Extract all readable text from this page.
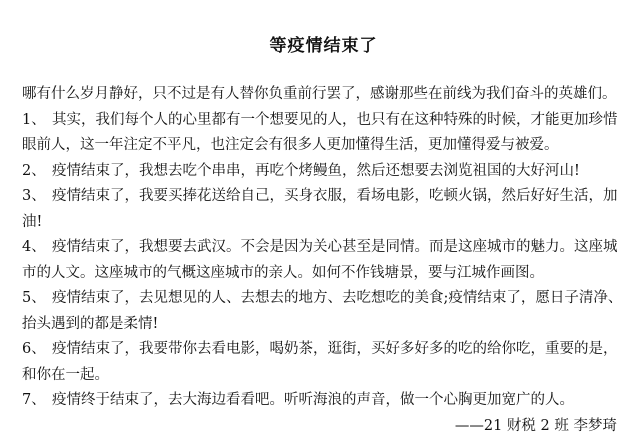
等疫情结束了

哪有什么岁月静好，只不过是有人替你负重前行罢了，感谢那些在前线为我们奋斗的英雄们。

1、 其实，我们每个人的心里都有一个想要见的人，也只有在这种特殊的时候，才能更加珍惜眼前人，这一年注定不平凡，也注定会有很多人更加懂得生活，更加懂得爱与被爱。

2、 疫情结束了，我想去吃个串串，再吃个烤鳗鱼，然后还想要去浏览祖国的大好河山!

3、 疫情结束了，我要买捧花送给自己，买身衣服，看场电影，吃顿火锅，然后好好生活，加油!

4、 疫情结束了，我想要去武汉。不会是因为关心甚至是同情。而是这座城市的魅力。这座城市的人文。这座城市的气概这座城市的亲人。如何不作钱塘景，要与江城作画图。

5、 疫情结束了，去见想见的人、去想去的地方、去吃想吃的美食;疫情结束了，愿日子清净、抬头遇到的都是柔情!

6、 疫情结束了，我要带你去看电影，喝奶茶，逛街，买好多好多的吃的给你吃，重要的是，和你在一起。

7、 疫情终于结束了，去大海边看看吧。听听海浪的声音，做一个心胸更加宽广的人。

——21 财税 2 班 李梦琦
